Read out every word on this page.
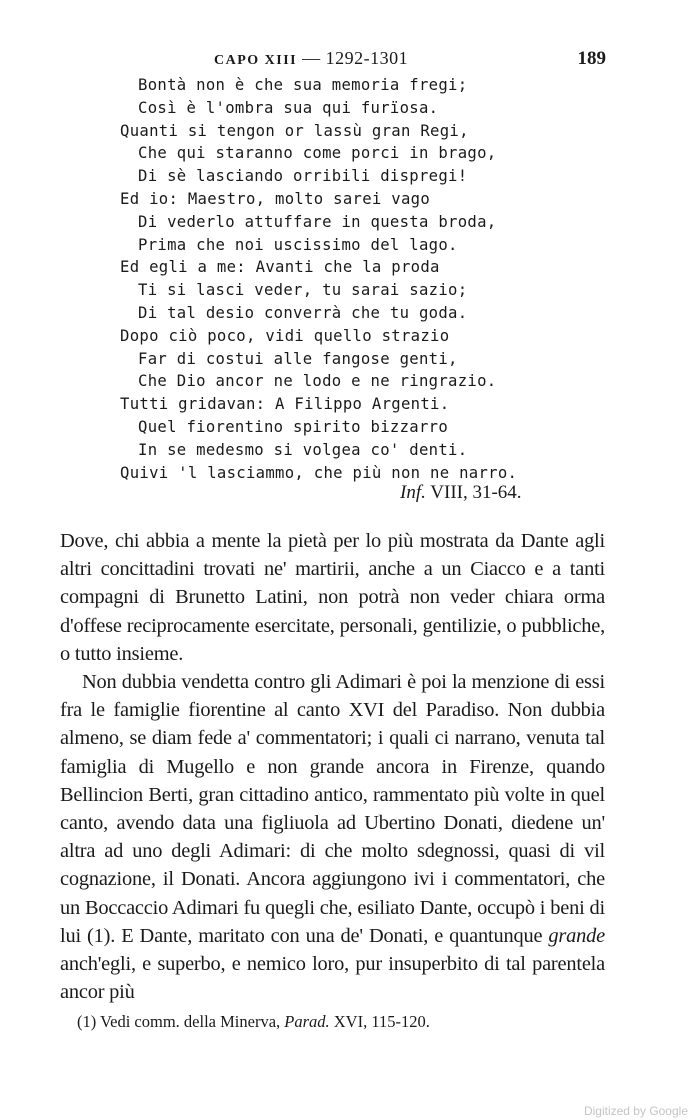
CAPO XIII — 1292-1301	189
Bontà non è che sua memoria fregi;
Così è l'ombra sua qui furïosa.
Quanti si tengon or lassù gran Regi,
Che qui staranno come porci in brago,
Di sè lasciando orribili dispregi!
Ed io: Maestro, molto sarei vago
Di vederlo attuffare in questa broda,
Prima che noi uscissimo del lago.
Ed egli a me: Avanti che la proda
Ti si lasci veder, tu sarai sazio;
Di tal desio converrà che tu goda.
Dopo ciò poco, vidi quello strazio
Far di costui alle fangose genti,
Che Dio ancor ne lodo e ne ringrazio.
Tutti gridavan: A Filippo Argenti.
Quel fiorentino spirito bizzarro
In se medesmo si volgea co' denti.
Quivi 'l lasciammo, che più non ne narro.
Inf. VIII, 31-64.

Dove, chi abbia a mente la pietà per lo più mostrata da Dante agli altri concittadini trovati ne' martirii, anche a un Ciacco e a tanti compagni di Brunetto Latini, non potrà non veder chiara orma d'offese reciprocamente esercitate, personali, gentilizie, o pubbliche, o tutto insieme.

Non dubbia vendetta contro gli Adimari è poi la menzione di essi fra le famiglie fiorentine al canto XVI del Paradiso. Non dubbia almeno, se diam fede a' commentatori; i quali ci narrano, venuta tal famiglia di Mugello e non grande ancora in Firenze, quando Bellincion Berti, gran cittadino antico, rammentato più volte in quel canto, avendo data una figliuola ad Ubertino Donati, diedene un' altra ad uno degli Adimari: di che molto sdegnossi, quasi di vil cognazione, il Donati. Ancora aggiungono ivi i commentatori, che un Boccaccio Adimari fu quegli che, esiliato Dante, occupò i beni di lui (1). E Dante, maritato con una de' Donati, e quantunque grande anch'egli, e superbo, e nemico loro, pur insuperbito di tal parentela ancor più

(1) Vedi comm. della Minerva, Parad. XVI, 115-120.
Digitized by Google
